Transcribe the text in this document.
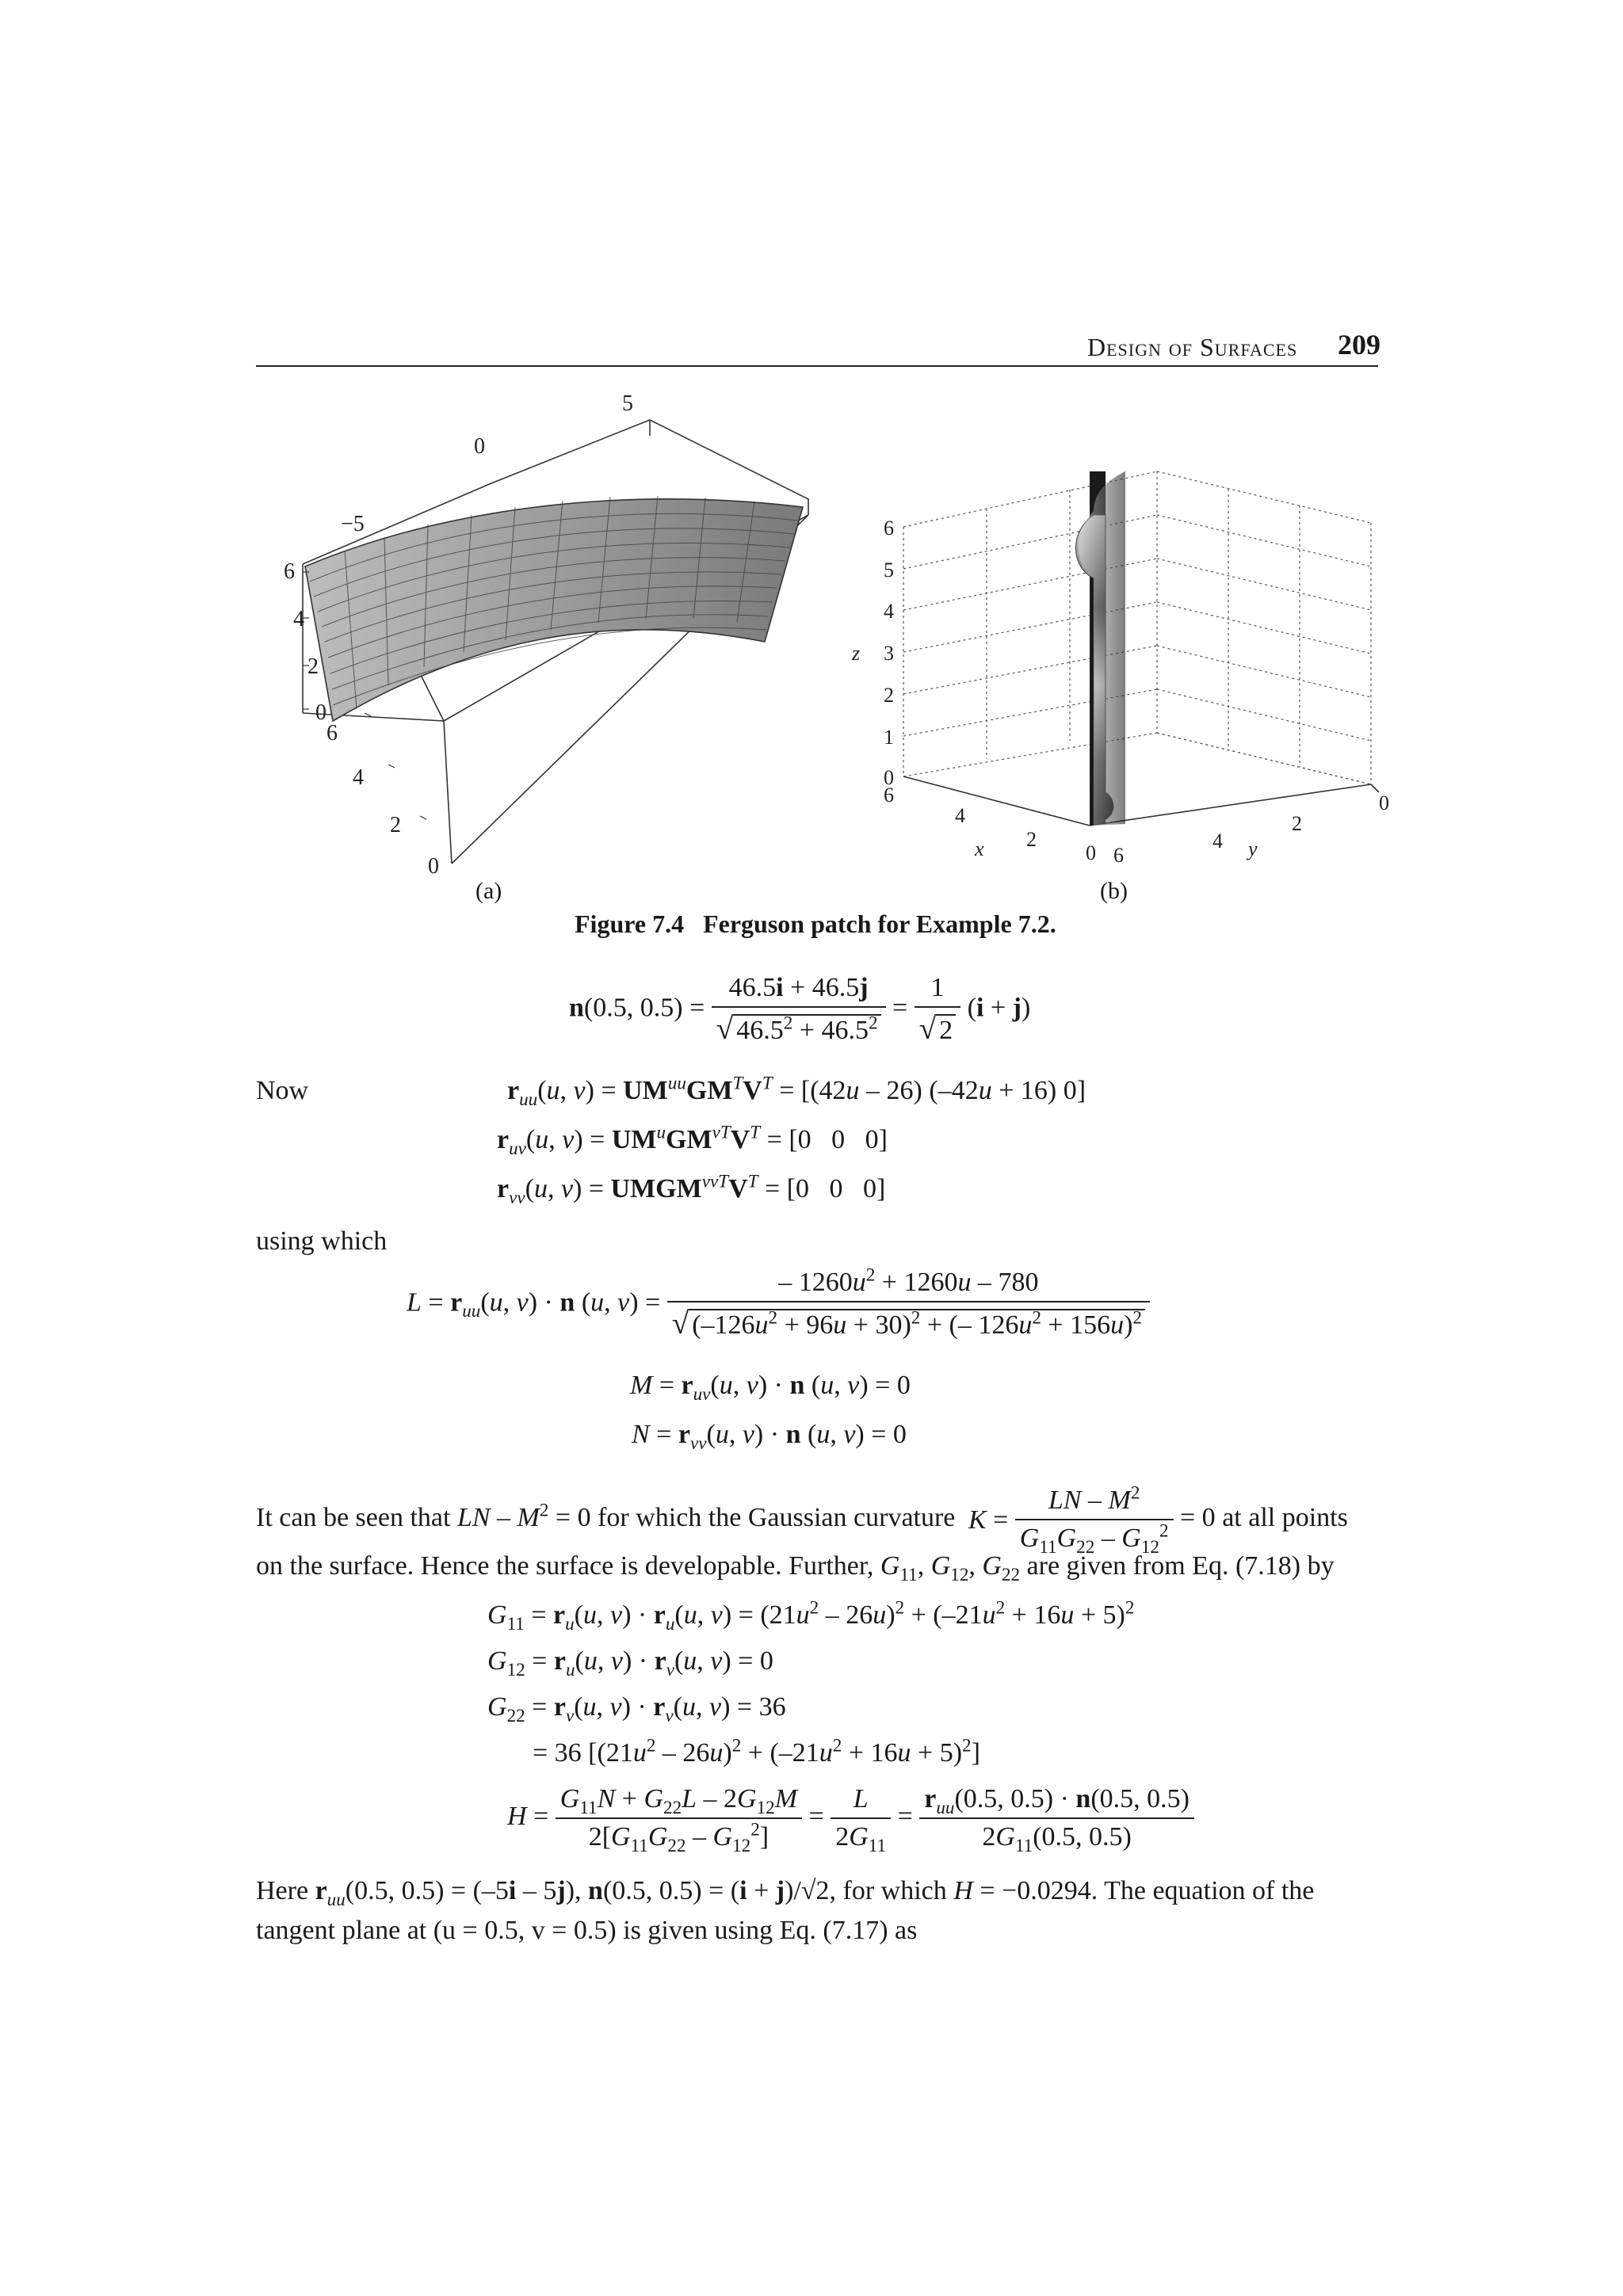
Design of Surfaces 209
5
0
−5
6
4
2
0
6
4
2
0
(a)
6
5
4
3
2
1
0
z
6
4
2
0
x	6
4
2
0
y
(b)
Figure 7.4 Ferguson patch for Example 7.2.
n(0.5, $0.5) = \frac{46.5i + 46.5j}{√ 46.5^2 + 46.5^2} = \frac{1}{√ 2} (i + j)$
Now	$r_{uu}(u$, $v) = UM^{uu}GM^TV^T = [(42u - 26) (-42u + 16)$ 0]
$r_{uv}(u$, $v) = UM^uGM^{vT}V^T = [0$   0   0]
$r_{vv}(u$, $v) = UMGM^{vvT}V^T = [0$   0   0]
using which
$L = r_{uu}(u$, v) · n (u, $v) = \frac{- 1260u^2 + 1260u - 780}{√ (-126u^2 + 96u + 30)^2 + (- 126u^2 + 156u)^2}$
$M = r_{uv}(u$, v) · n (u, v) = 0
$N = r_{vv}(u$, v) · n (u, v) = 0
It can be seen that LN – $M^2 = 0$ for which the Gaussian curvature $K = \frac{LN - M^2}{G_{11}G_{22} - G_{12}^2} = 0$ at all points
on the surface. Hence the surface is developable. Further, $G_{11}$, $G_{12}$, $G_{22}$ are given from Eq. (7.18) by
$G_{11} = r_u(u$, $v) \cdot r_u(u$, $v) = (21u^2 - 26u)^2 + (-21u^2 + 16u + 5)^2$
$G_{12} = r_u(u$, $v) \cdot r_v(u$, v) = 0
$G_{22} = r_v(u$, $v) \cdot r_v(u$, v) = 36
= 36 $[(21u^2 - 26u)^2 + (-21u^2 + 16u + 5)^2]$
$H = \frac{G_{11}N + G_{22}L - 2G_{12}M}{2[G_{11}G_{22} - G_{12}^2]} = \frac{L}{2G_{11}} = \frac{r_{uu}(0.5, 0.5) \cdot n(0.5, 0.5)}{2G_{11}(0.5, 0.5)}$
Here $r_{uu}(0.5$, 0.5) = (–5i – 5j), n(0.5, 0.5) = (i + j)/√2, for which H = −0.0294. The equation of the
tangent plane at (u = 0.5, v = 0.5) is given using Eq. (7.17) as
